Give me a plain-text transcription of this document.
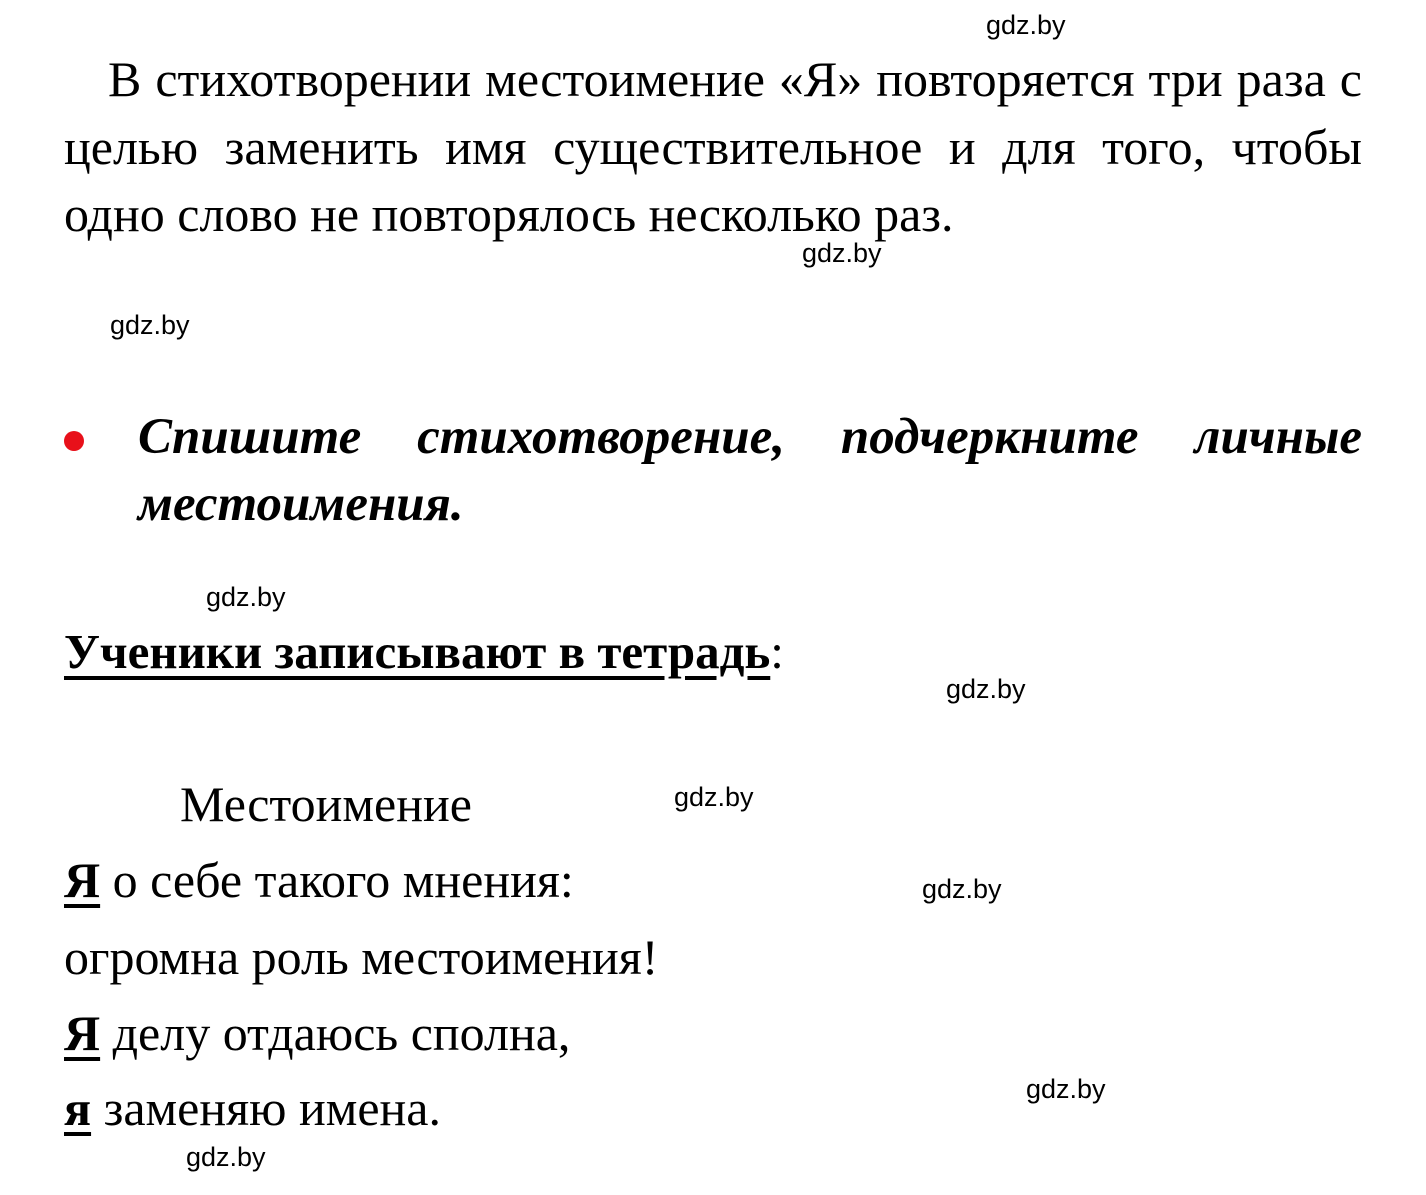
В стихотворении местоимение «Я» повторяется три раза с целью заменить имя существительное и для того, чтобы одно слово не повторялось несколько раз.

Спишите стихотворение, подчеркните личные местоимения.
Ученики записывают в тетрадь:
Местоимение
Я о себе такого мнения:
огромна роль местоимения!
Я делу отдаюсь сполна,
я заменяю имена.
gdz.by
gdz.by
gdz.by
gdz.by
gdz.by
gdz.by
gdz.by
gdz.by
gdz.by
